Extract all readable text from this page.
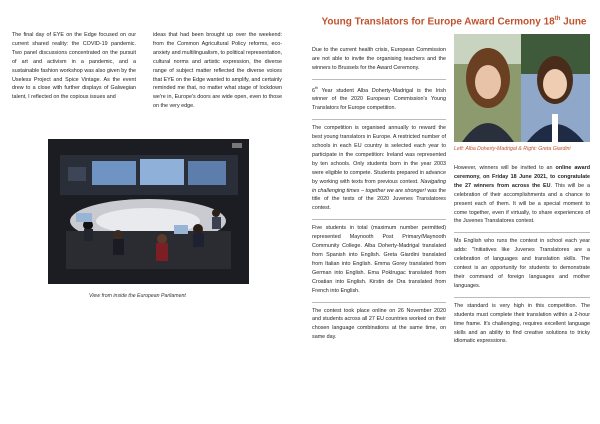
The final day of EYE on the Edge focused on our current shared reality: the COVID-19 pandemic. Two panel discussions concentrated on the pursuit of art and activism in a pandemic, and a sustainable fashion workshop was also given by the Useless Project and Spice Vintage. As the event drew to a close with further displays of Galwegian talent, I reflected on the copious issues and

ideas that had been brought up over the weekend: from the Common Agricultural Policy reforms, eco-anxiety and multilingualism, to political representation, cultural norms and artistic expression, the diverse range of subject matter reflected the diverse voices that EYE on the Edge wanted to amplify, and certainly reminded me that, no matter what stage of lockdown we're in, Europe's doors are wide open, even to those on the very edge.

View from inside the European Parliament
Young Translators for Europe Award Cermony 18th June

Due to the current health crisis, European Commission are not able to invite the organising teachers and the winners to Brussels for the Award Ceremony.

6th Year student Alba Doherty-Madrigal is the Irish winner of the 2020 European Commission's Young Translators for Europe competition.

The competition is organised annually to reward the best young translators in Europe. A restricted number of schools in each EU country is selected each year to participate in the competition: Ireland was represented by ten schools. Only students born in the year 2003 were eligible to compete. Students prepared in advance by working with texts from previous contest. Navigating in challenging times – together we are stronger! was the title of the texts of the 2020 Juvenes Translatores contest.

Five students in total (maximum number permitted) represented Maynooth Post Primary/Maynooth Community College. Alba Doherty-Madrigal translated from Spanish into English. Greta Giardini translated from Italian into English. Emma Gorey translated from German into English. Ema Poklrugac translated from Croatian into English. Kirstin de Ora translated from French into English.

The contest took place online on 26 November 2020 and students across all 27 EU countries worked on their chosen language combinations at the same time, on same day.

Left: Alba Doherty-Madrigal & Right: Greta Giardini

However, winners will be invited to an online award ceremony, on Friday 18 June 2021, to congratulate the 27 winners from across the EU. This will be a celebration of their accomplishments and a chance to present each of them. It will be a special moment to come together, even if virtually, to share experiences of the Juvenes Translatores contest.

Ms English who runs the contest in school each year adds: "Initiatives like Juvenes Translatores are a celebration of languages and translation skills. The contest is an opportunity for students to demonstrate their command of foreign languages and mother languages.

The standard is very high in this competition. The students must complete their translation within a 2-hour time frame. It's challenging, requires excellent language skills and an ability to find creative solutions to tricky idiomatic expressions.
